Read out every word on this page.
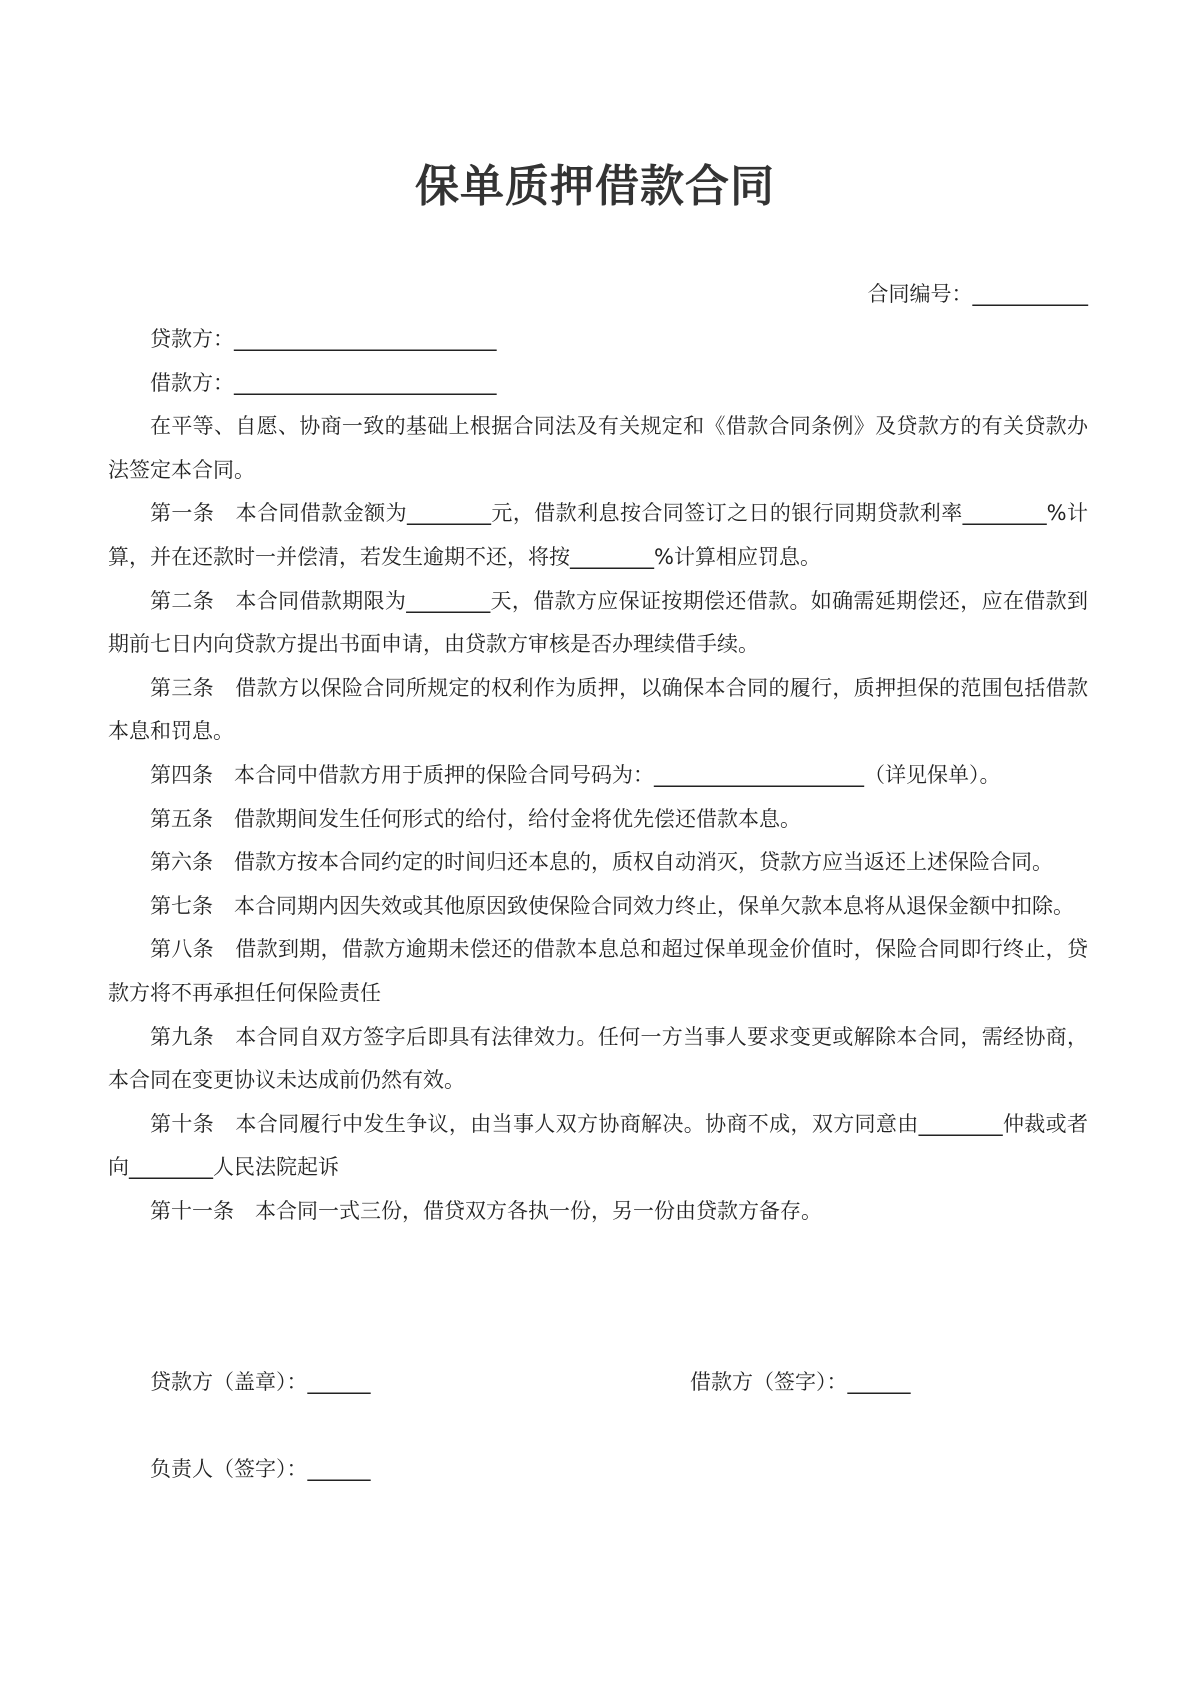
保单质押借款合同
合同编号：___________

贷款方：_________________________

借款方：_________________________

在平等、自愿、协商一致的基础上根据合同法及有关规定和《借款合同条例》及贷款方的有关贷款办法签定本合同。

第一条　本合同借款金额为________元，借款利息按合同签订之日的银行同期贷款利率________%计算，并在还款时一并偿清，若发生逾期不还，将按________%计算相应罚息。

第二条　本合同借款期限为________天，借款方应保证按期偿还借款。如确需延期偿还，应在借款到期前七日内向贷款方提出书面申请，由贷款方审核是否办理续借手续。

第三条　借款方以保险合同所规定的权利作为质押，以确保本合同的履行，质押担保的范围包括借款本息和罚息。

第四条　本合同中借款方用于质押的保险合同号码为：____________________（详见保单）。

第五条　借款期间发生任何形式的给付，给付金将优先偿还借款本息。

第六条　借款方按本合同约定的时间归还本息的，质权自动消灭，贷款方应当返还上述保险合同。

第七条　本合同期内因失效或其他原因致使保险合同效力终止，保单欠款本息将从退保金额中扣除。

第八条　借款到期，借款方逾期未偿还的借款本息总和超过保单现金价值时，保险合同即行终止，贷款方将不再承担任何保险责任

第九条　本合同自双方签字后即具有法律效力。任何一方当事人要求变更或解除本合同，需经协商，本合同在变更协议未达成前仍然有效。

第十条　本合同履行中发生争议，由当事人双方协商解决。协商不成，双方同意由________仲裁或者向________人民法院起诉

第十一条　本合同一式三份，借贷双方各执一份，另一份由贷款方备存。

贷款方（盖章）：______	借款方（签字）：______
负责人（签字）：______
